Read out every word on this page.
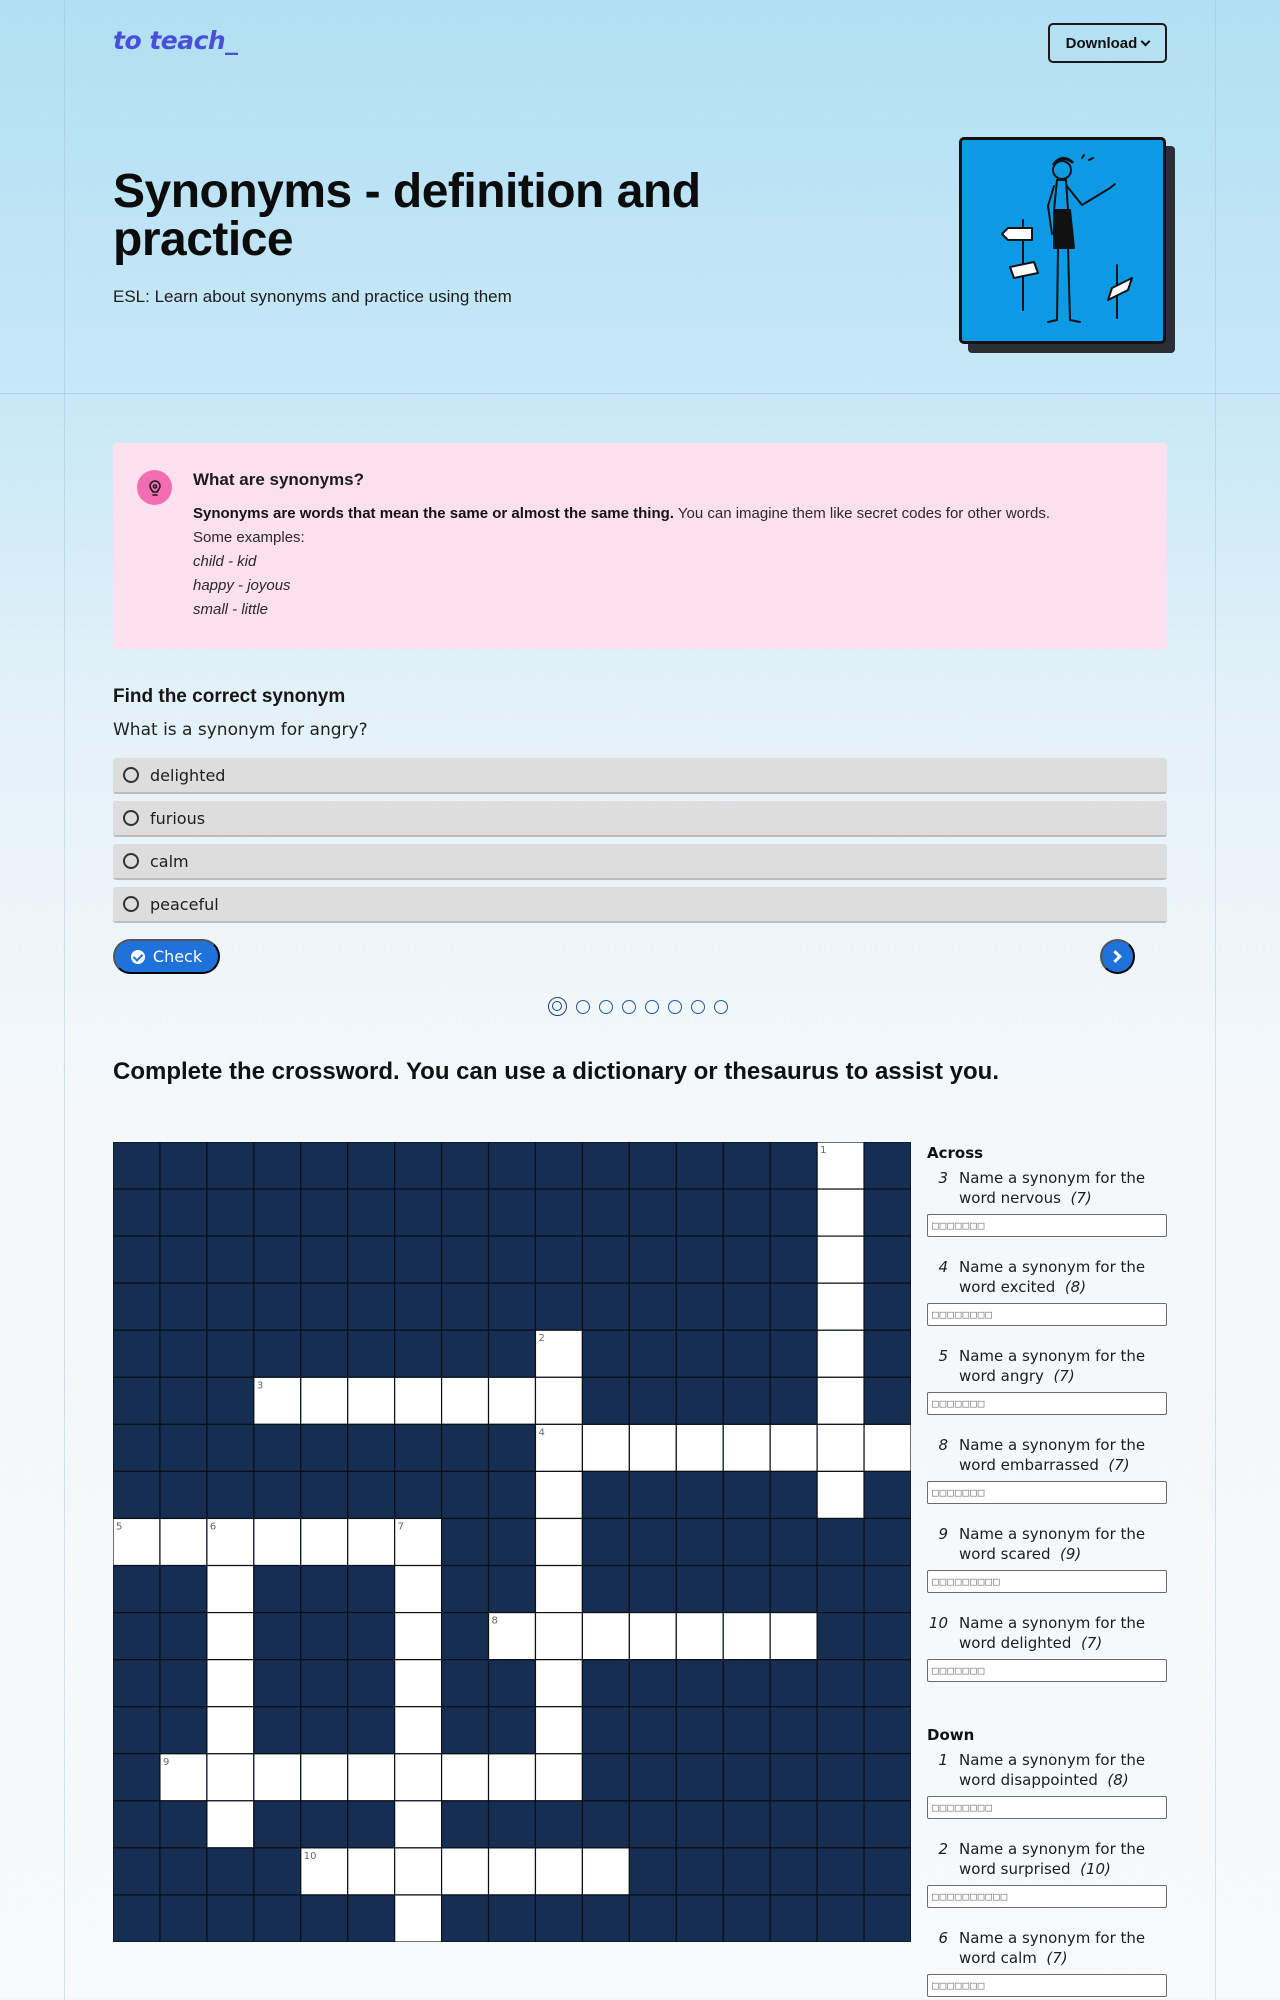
to teach_	Download
Synonyms - definition and practice

ESL: Learn about synonyms and practice using them

What are synonyms?
Synonyms are words that mean the same or almost the same thing. You can imagine them like secret codes for other words.
Some examples:
child - kid
happy - joyous
small - little
Find the correct synonym

What is a synonym for angry?

delighted
furious
calm
peaceful
Check
Complete the crossword. You can use a dictionary or thesaurus to assist you.
1
2
3
4
5	6	7
8
9
10
Across
3 Name a synonym for the word nervous (7)
□□□□□□□
4 Name a synonym for the word excited (8)
□□□□□□□□
5 Name a synonym for the word angry (7)
□□□□□□□
8 Name a synonym for the word embarrassed (7)
□□□□□□□
9 Name a synonym for the word scared (9)
□□□□□□□□□
10 Name a synonym for the word delighted (7)
□□□□□□□
Down
1 Name a synonym for the word disappointed (8)
□□□□□□□□
2 Name a synonym for the word surprised (10)
□□□□□□□□□□
6 Name a synonym for the word calm (7)
□□□□□□□
